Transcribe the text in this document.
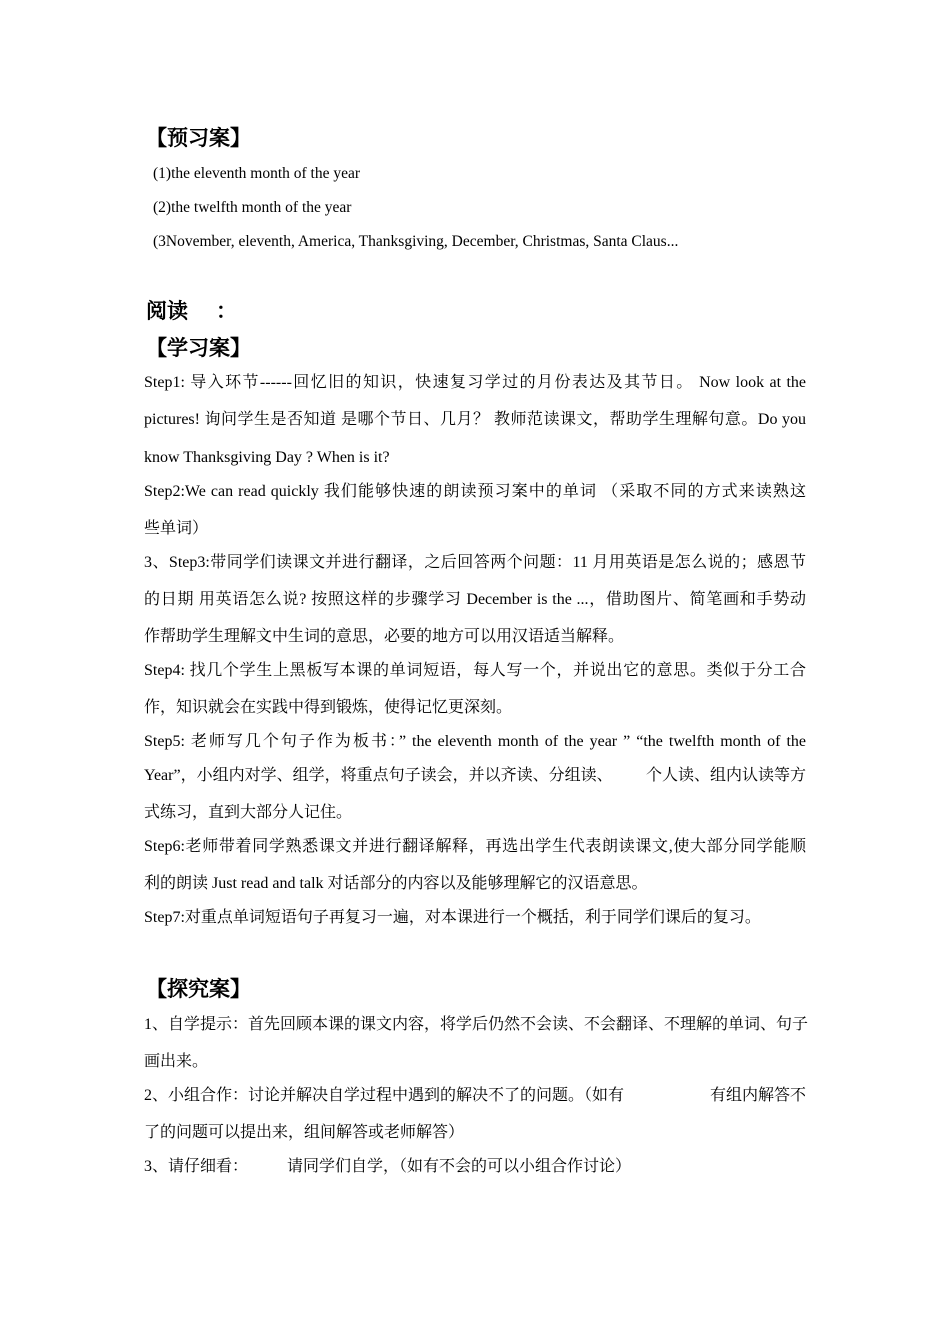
【预习案】
(1)the eleventh month of the year
(2)the twelfth month of the year
(3November, eleventh, America, Thanksgiving, December, Christmas, Santa Claus...
阅读 ：
【学习案】
Step1: 导入环节------回忆旧的知识，快速复习学过的月份表达及其节日。 Now look at the
pictures! 询问学生是否知道 是哪个节日、几月？ 教师范读课文，帮助学生理解句意。Do you
know Thanksgiving Day ? When is it?
Step2:We can read quickly 我们能够快速的朗读预习案中的单词 （采取不同的方式来读熟这
些单词）
3、Step3:带同学们读课文并进行翻译，之后回答两个问题：11 月用英语是怎么说的；感恩节
的日期 用英语怎么说? 按照这样的步骤学习 December is the ...，借助图片、简笔画和手势动
作帮助学生理解文中生词的意思，必要的地方可以用汉语适当解释。
Step4: 找几个学生上黑板写本课的单词短语，每人写一个，并说出它的意思。类似于分工合
作，知识就会在实践中得到锻炼，使得记忆更深刻。
Step5: 老师写几个句子作为板书：” the eleventh month of the year ” “the twelfth month of the
Year”，小组内对学、组学，将重点句子读会，并以齐读、分组读、 个人读、组内认读等方
式练习，直到大部分人记住。
Step6:老师带着同学熟悉课文并进行翻译解释，再选出学生代表朗读课文,使大部分同学能顺
利的朗读 Just read and talk 对话部分的内容以及能够理解它的汉语意思。
Step7:对重点单词短语句子再复习一遍，对本课进行一个概括，利于同学们课后的复习。
【探究案】
1、自学提示：首先回顾本课的课文内容，将学后仍然不会读、不会翻译、不理解的单词、句子
画出来。
2、小组合作：讨论并解决自学过程中遇到的解决不了的问题。（如有	有组内解答不
了的问题可以提出来，组间解答或老师解答）
3、请仔细看：	请同学们自学，（如有不会的可以小组合作讨论）
